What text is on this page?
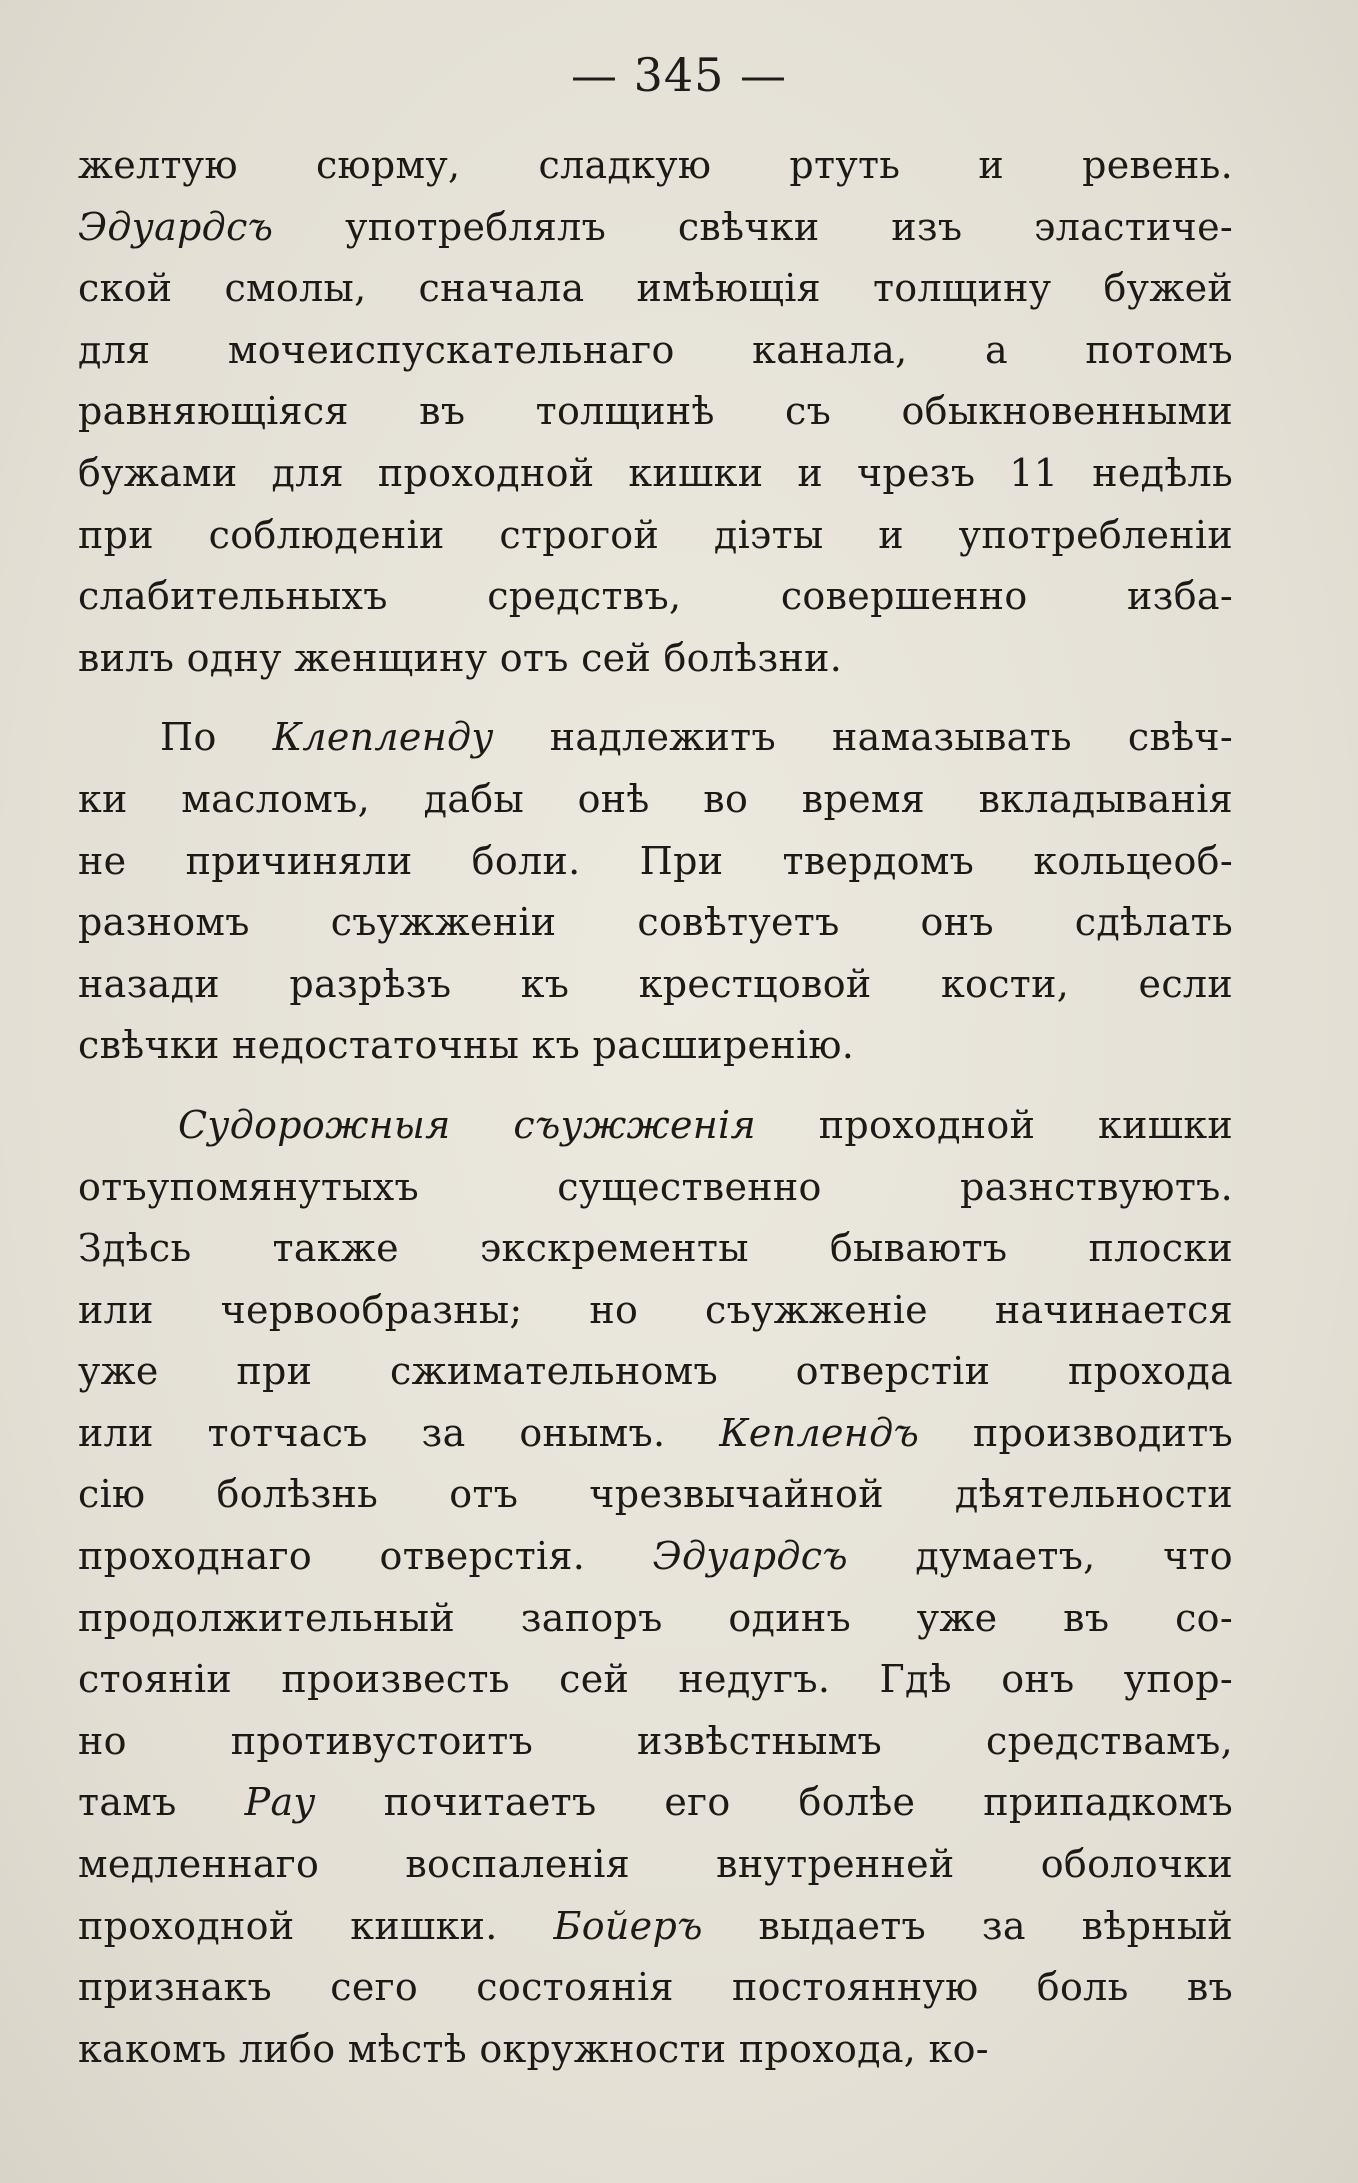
— 345 —
желтую сюрму, сладкую ртуть и ревень.
Эдуардсъ употреблялъ свѣчки изъ эластиче-
ской смолы, сначала имѣющія толщину бужей
для мочеиспускательнаго канала, а потомъ
равняющіяся въ толщинѣ съ обыкновенными
бужами для проходной кишки и чрезъ 11 недѣль
при соблюденіи строгой діэты и употребленіи
слабительныхъ средствъ, совершенно изба-
вилъ одну женщину отъ сей болѣзни.
По Клепленду надлежитъ намазывать свѣч-
ки масломъ, дабы онѣ во время вкладыванія
не причиняли боли. При твердомъ кольцеоб-
разномъ съужженіи совѣтуетъ онъ сдѣлать
назади разрѣзъ къ крестцовой кости, если
свѣчки недостаточны къ расширенію.
Судорожныя съужженія проходной кишки
отъупомянутыхъ существенно разнствуютъ.
Здѣсь также экскременты бываютъ плоски
или червообразны; но съужженіе начинается
уже при сжимательномъ отверстіи прохода
или тотчасъ за онымъ. Кеплендъ производитъ
сію болѣзнь отъ чрезвычайной дѣятельности
проходнаго отверстія. Эдуардсъ думаетъ, что
продолжительный запоръ одинъ уже въ со-
стояніи произвесть сей недугъ. Гдѣ онъ упор-
но противустоитъ извѣстнымъ средствамъ,
тамъ Рау почитаетъ его болѣе припадкомъ
медленнаго воспаленія внутренней оболочки
проходной кишки. Бойеръ выдаетъ за вѣрный
признакъ сего состоянія постоянную боль въ
какомъ либо мѣстѣ окружности прохода, ко-
